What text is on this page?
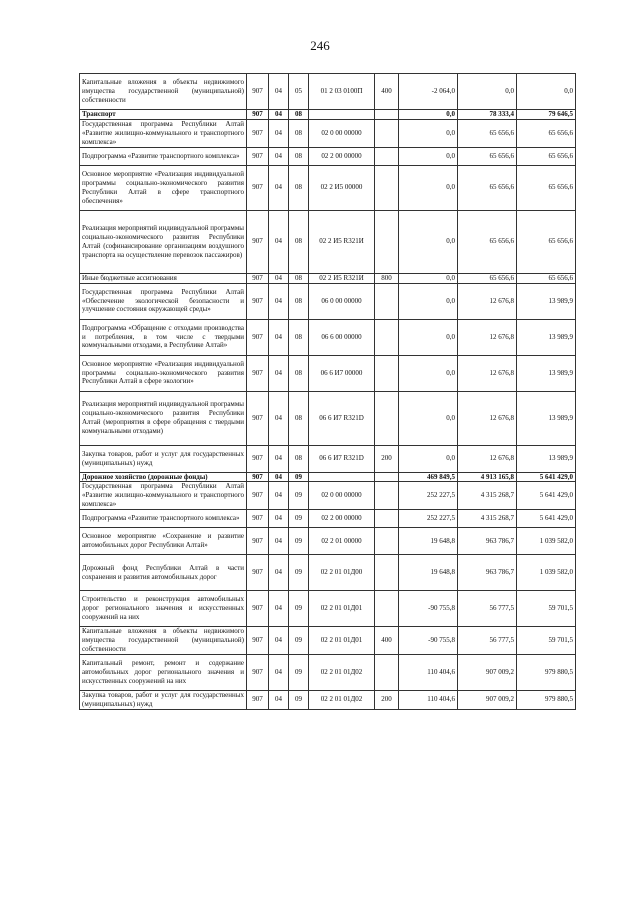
246
Капитальные вложения в объекты недвижимого имущества государственной (муниципальной) собственности	907	04	05	01 2 03 0100П	400	-2 064,0	0,0	0,0
Транспорт	907	04	08			0,0	78 333,4	79 646,5
Государственная программа Республики Алтай «Развитие жилищно-коммунального и транспортного комплекса»	907	04	08	02 0 00 00000		0,0	65 656,6	65 656,6
Подпрограмма «Развитие транспортного комплекса»	907	04	08	02 2 00 00000		0,0	65 656,6	65 656,6
Основное мероприятие «Реализация индивидуальной программы социально-экономического развития Республики Алтай в сфере транспортного обеспечения»	907	04	08	02 2 И5 00000		0,0	65 656,6	65 656,6
Реализация мероприятий индивидуальной программы социально-экономического развития Республики Алтай (софинансирование организациям воздушного транспорта на осуществление перевозок пассажиров)	907	04	08	02 2 И5 R321И		0,0	65 656,6	65 656,6
Иные бюджетные ассигнования	907	04	08	02 2 И5 R321И	800	0,0	65 656,6	65 656,6
Государственная программа Республики Алтай «Обеспечение экологической безопасности и улучшение состояния окружающей среды»	907	04	08	06 0 00 00000		0,0	12 676,8	13 989,9
Подпрограмма «Обращение с отходами производства и потребления, в том числе с твердыми коммунальными отходами, в Республике Алтай»	907	04	08	06 6 00 00000		0,0	12 676,8	13 989,9
Основное мероприятие «Реализация индивидуальной программы социально-экономического развития Республики Алтай в сфере экологии»	907	04	08	06 6 И7 00000		0,0	12 676,8	13 989,9
Реализация мероприятий индивидуальной программы социально-экономического развития Республики Алтай (мероприятия в сфере обращения с твердыми коммунальными отходами)	907	04	08	06 6 И7 R321D		0,0	12 676,8	13 989,9
Закупка товаров, работ и услуг для государственных (муниципальных) нужд	907	04	08	06 6 И7 R321D	200	0,0	12 676,8	13 989,9
Дорожное хозяйство (дорожные фонды)	907	04	09			469 849,5	4 913 165,8	5 641 429,0
Государственная программа Республики Алтай «Развитие жилищно-коммунального и транспортного комплекса»	907	04	09	02 0 00 00000		252 227,5	4 315 268,7	5 641 429,0
Подпрограмма «Развитие транспортного комплекса»	907	04	09	02 2 00 00000		252 227,5	4 315 268,7	5 641 429,0
Основное мероприятие «Сохранение и развитие автомобильных дорог Республики Алтай»	907	04	09	02 2 01 00000		19 648,8	963 786,7	1 039 582,0
Дорожный фонд Республики Алтай в части сохранения и развития автомобильных дорог	907	04	09	02 2 01 01Д00		19 648,8	963 786,7	1 039 582,0
Строительство и реконструкция автомобильных дорог регионального значения и искусственных сооружений на них	907	04	09	02 2 01 01Д01		-90 755,8	56 777,5	59 701,5
Капитальные вложения в объекты недвижимого имущества государственной (муниципальной) собственности	907	04	09	02 2 01 01Д01	400	-90 755,8	56 777,5	59 701,5
Капитальный ремонт, ремонт и содержание автомобильных дорог регионального значения и искусственных сооружений на них	907	04	09	02 2 01 01Д02		110 404,6	907 009,2	979 880,5
Закупка товаров, работ и услуг для государственных (муниципальных) нужд	907	04	09	02 2 01 01Д02	200	110 404,6	907 009,2	979 880,5
